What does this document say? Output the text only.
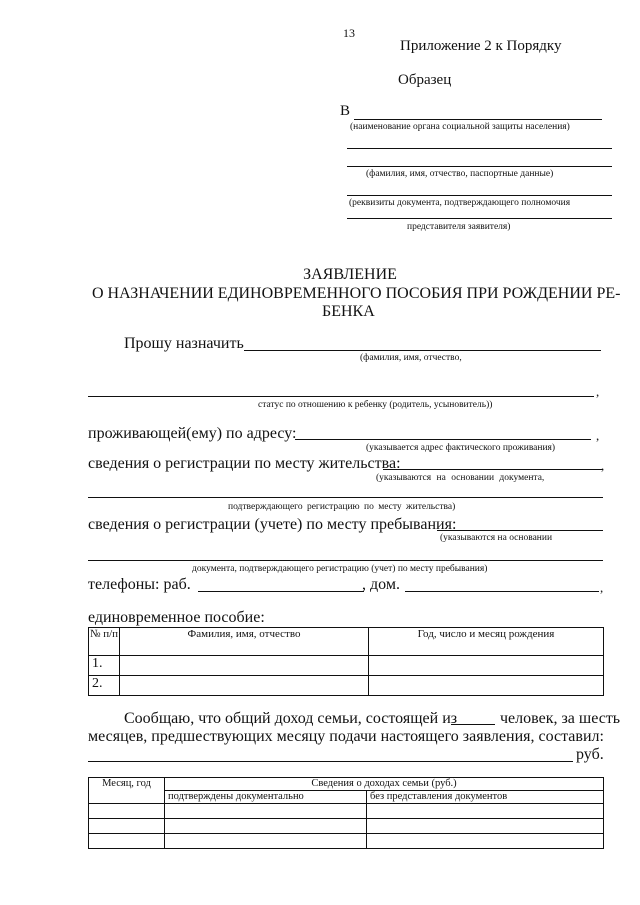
13
Приложение 2 к Порядку
Образец
В
(наименование органа социальной защиты населения)
(фамилия, имя, отчество, паспортные данные)
(реквизиты документа, подтверждающего полномочия
представителя заявителя)
ЗАЯВЛЕНИЕ
О НАЗНАЧЕНИИ ЕДИНОВРЕМЕННОГО ПОСОБИЯ ПРИ РОЖДЕНИИ РЕ-
БЕНКА
Прошу назначить
(фамилия, имя, отчество,
,
статус по отношению к ребенку (родитель, усыновитель))
проживающей(ему) по адресу:	,
(указывается адрес фактического проживания)
сведения о регистрации по месту жительства:	,
(указываются на основании документа,
подтверждающего регистрацию по месту жительства)
сведения о регистрации (учете) по месту пребывания:
(указываются на основании
документа, подтверждающего регистрацию (учет) по месту пребывания)
телефоны: раб.	, дом.	,
единовременное пособие:
№ п/п	Фамилия, имя, отчество	Год, число и месяц рождения
1.		
2.		
Сообщаю, что общий доход семьи, состоящей из	человек, за шесть
месяцев, предшествующих месяцу подачи настоящего заявления, составил:
руб.
Месяц, год	Сведения о доходах семьи (руб.)	
	подтверждены документально	без представления документов
